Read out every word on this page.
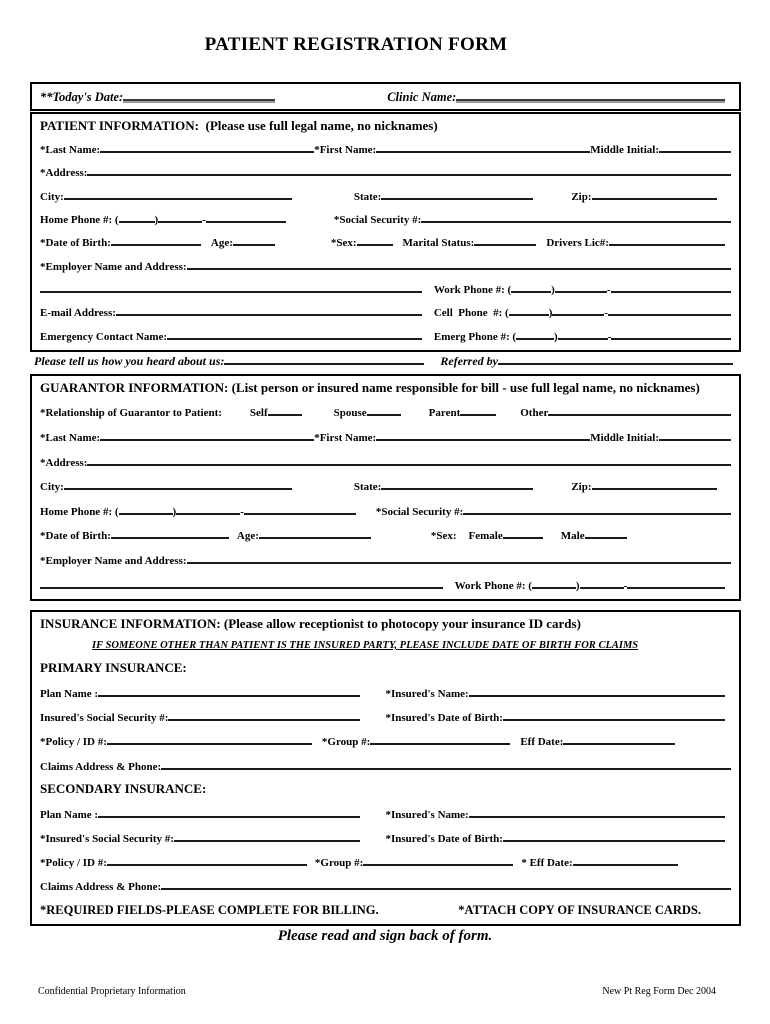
PATIENT REGISTRATION FORM
**Today's Date:	Clinic Name:
PATIENT INFORMATION:  (Please use full legal name, no nicknames)
*Last Name:	*First Name:	Middle Initial:
*Address:
City:	State:	Zip:
Home Phone #: (	)	-	*Social Security #:
*Date of Birth:	Age:	*Sex:	Marital Status:	Drivers Lic#:
*Employer Name and Address:
Work Phone #: (	)	-
E-mail Address:	Cell  Phone  #: (	)	-
Emergency Contact Name:	Emerg Phone #: (	)	-
Please tell us how you heard about us:	Referred by
GUARANTOR INFORMATION: (List person or insured name responsible for bill - use full legal name, no nicknames)
*Relationship of Guarantor to Patient:	Self	Spouse	Parent	Other
*Last Name:	*First Name:	Middle Initial:
*Address:
City:	State:	Zip:
Home Phone #: (	)	-	*Social Security #:
*Date of Birth:	Age:	*Sex: Female	Male
*Employer Name and Address:
Work Phone #: (	)	-
INSURANCE INFORMATION: (Please allow receptionist to photocopy your insurance ID cards)
IF SOMEONE OTHER THAN PATIENT IS THE INSURED PARTY, PLEASE INCLUDE DATE OF BIRTH FOR CLAIMS
PRIMARY INSURANCE:
Plan Name :	*Insured's Name:
Insured's Social Security #:	*Insured's Date of Birth:
*Policy / ID #:	*Group #:	Eff Date:
Claims Address & Phone:
SECONDARY INSURANCE:
Plan Name :	*Insured's Name:
*Insured's Social Security #:	*Insured's Date of Birth:
*Policy / ID #:	*Group #:	* Eff Date:
Claims Address & Phone:
*REQUIRED FIELDS-PLEASE COMPLETE FOR BILLING.	*ATTACH COPY OF INSURANCE CARDS.
Please read and sign back of form.
Confidential Proprietary Information	New Pt Reg Form Dec 2004
